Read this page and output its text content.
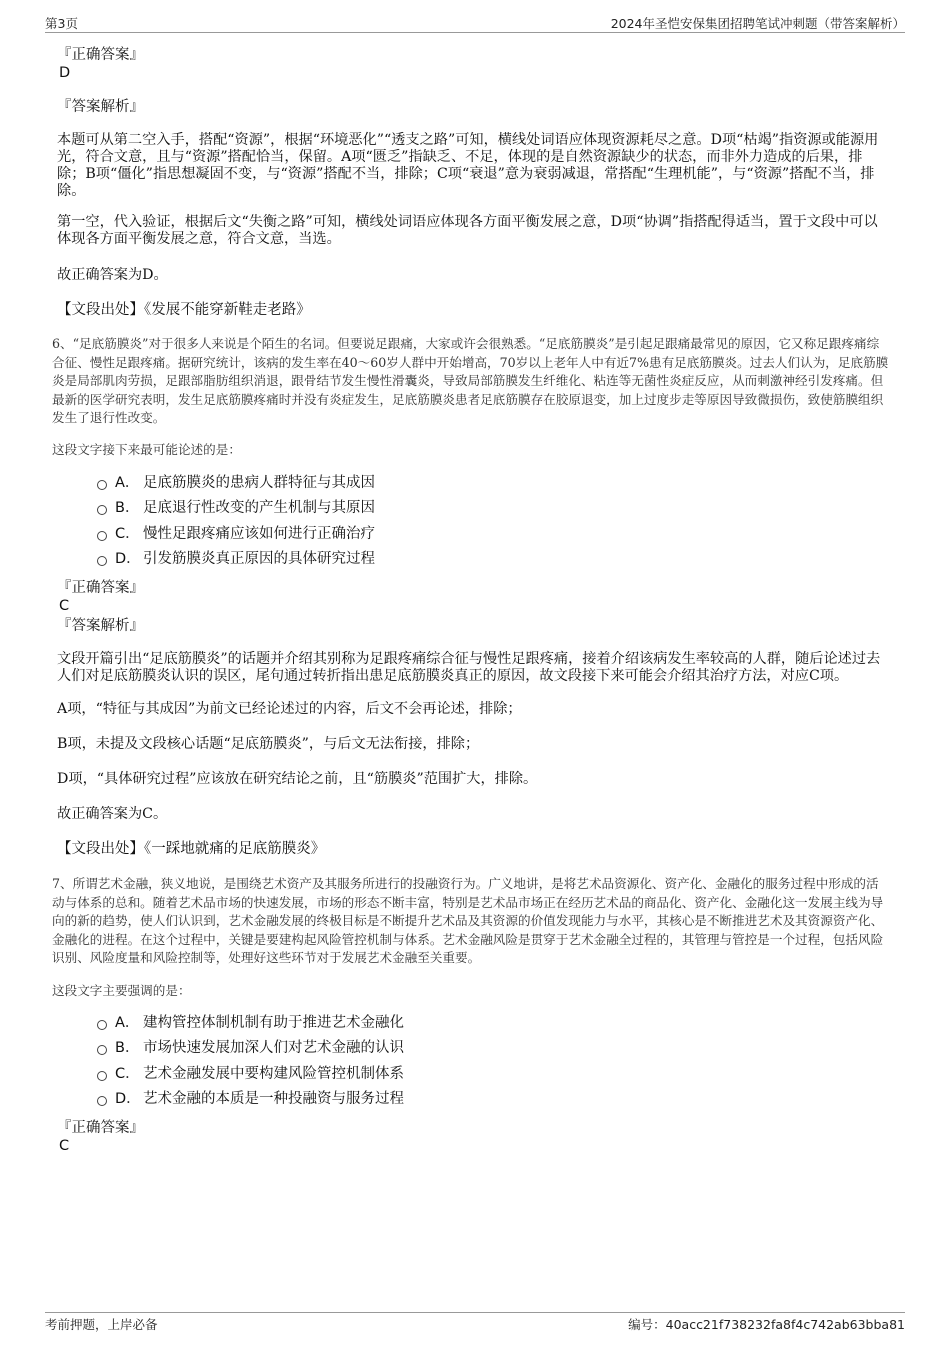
第3页	2024年圣恺安保集团招聘笔试冲刺题（带答案解析）

『正确答案』

D

『答案解析』

本题可从第二空入手，搭配“资源”，根据“环境恶化”“透支之路”可知，横线处词语应体现资源耗尽之意。D项“枯竭”指资源或能源用光，符合文意，且与“资源”搭配恰当，保留。A项“匮乏”指缺乏、不足，体现的是自然资源缺少的状态，而非外力造成的后果，排除；B项“僵化”指思想凝固不变，与“资源”搭配不当，排除；C项“衰退”意为衰弱减退，常搭配“生理机能”，与“资源”搭配不当，排除。

第一空，代入验证，根据后文“失衡之路”可知，横线处词语应体现各方面平衡发展之意，D项“协调”指搭配得适当，置于文段中可以体现各方面平衡发展之意，符合文意，当选。

故正确答案为D。

【文段出处】《发展不能穿新鞋走老路》

6、“足底筋膜炎”对于很多人来说是个陌生的名词。但要说足跟痛，大家或许会很熟悉。“足底筋膜炎”是引起足跟痛最常见的原因，它又称足跟疼痛综合征、慢性足跟疼痛。据研究统计，该病的发生率在40～60岁人群中开始增高，70岁以上老年人中有近7%患有足底筋膜炎。过去人们认为，足底筋膜炎是局部肌肉劳损，足跟部脂肪组织消退，跟骨结节发生慢性滑囊炎，导致局部筋膜发生纤维化、粘连等无菌性炎症反应，从而刺激神经引发疼痛。但最新的医学研究表明，发生足底筋膜疼痛时并没有炎症发生，足底筋膜炎患者足底筋膜存在胶原退变，加上过度步走等原因导致微损伤，致使筋膜组织发生了退行性改变。

这段文字接下来最可能论述的是：

A． 足底筋膜炎的患病人群特征与其成因
B． 足底退行性改变的产生机制与其原因
C． 慢性足跟疼痛应该如何进行正确治疗
D． 引发筋膜炎真正原因的具体研究过程

『正确答案』

C

『答案解析』

文段开篇引出“足底筋膜炎”的话题并介绍其别称为足跟疼痛综合征与慢性足跟疼痛，接着介绍该病发生率较高的人群，随后论述过去人们对足底筋膜炎认识的误区，尾句通过转折指出患足底筋膜炎真正的原因，故文段接下来可能会介绍其治疗方法，对应C项。

A项，“特征与其成因”为前文已经论述过的内容，后文不会再论述，排除；

B项，未提及文段核心话题“足底筋膜炎”，与后文无法衔接，排除；

D项，“具体研究过程”应该放在研究结论之前，且“筋膜炎”范围扩大，排除。

故正确答案为C。

【文段出处】《一踩地就痛的足底筋膜炎》

7、所谓艺术金融，狭义地说，是围绕艺术资产及其服务所进行的投融资行为。广义地讲，是将艺术品资源化、资产化、金融化的服务过程中形成的活动与体系的总和。随着艺术品市场的快速发展，市场的形态不断丰富，特别是艺术品市场正在经历艺术品的商品化、资产化、金融化这一发展主线为导向的新的趋势，使人们认识到，艺术金融发展的终极目标是不断提升艺术品及其资源的价值发现能力与水平，其核心是不断推进艺术及其资源资产化、金融化的进程。在这个过程中，关键是要建构起风险管控机制与体系。艺术金融风险是贯穿于艺术金融全过程的，其管理与管控是一个过程，包括风险识别、风险度量和风险控制等，处理好这些环节对于发展艺术金融至关重要。

这段文字主要强调的是：

A． 建构管控体制机制有助于推进艺术金融化
B． 市场快速发展加深人们对艺术金融的认识
C． 艺术金融发展中要构建风险管控机制体系
D． 艺术金融的本质是一种投融资与服务过程

『正确答案』

C

考前押题，上岸必备	编号：40acc21f738232fa8f4c742ab63bba81
